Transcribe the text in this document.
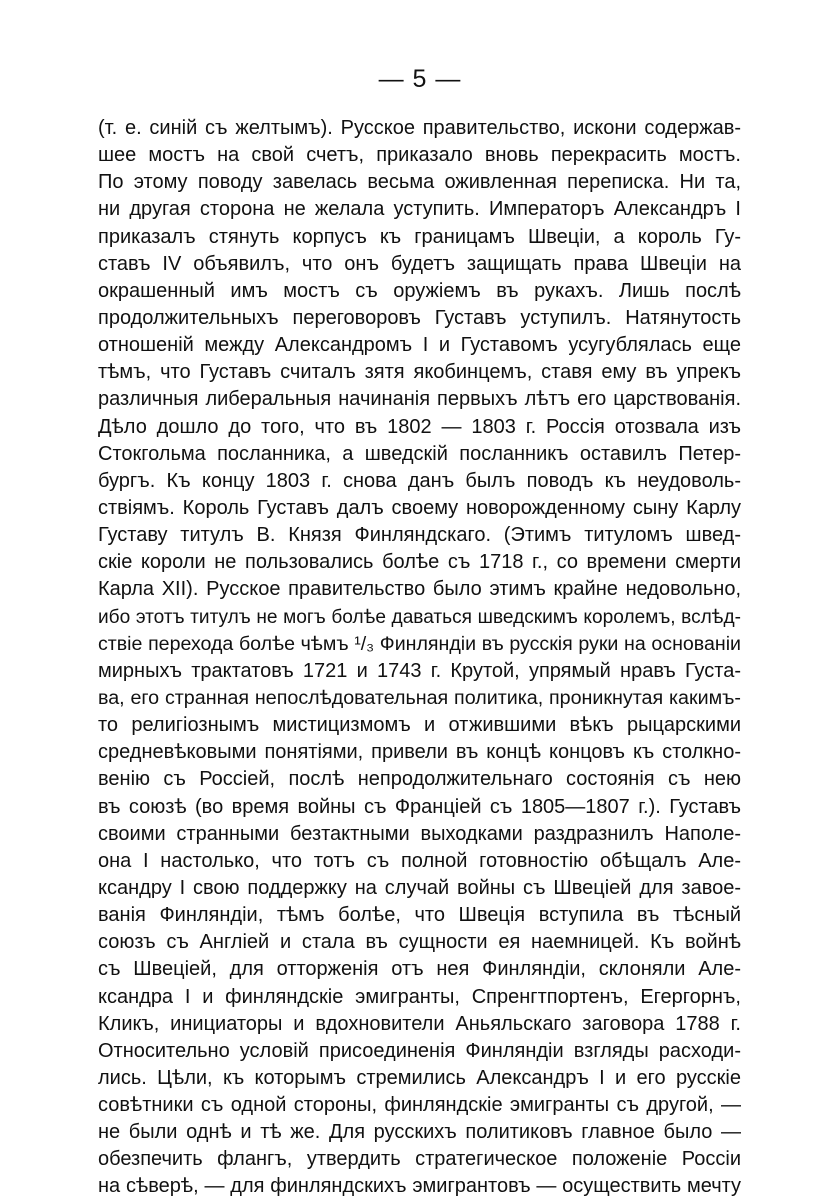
— 5 —
(т. е. синій съ желтымъ). Русское правительство, искони содержав-
шее мостъ на свой счетъ, приказало вновь перекрасить мостъ.
По этому поводу завелась весьма оживленная переписка. Ни та,
ни другая сторона не желала уступить. Императоръ Александръ I
приказалъ стянуть корпусъ къ границамъ Швеціи, а король Гу-
ставъ IV объявилъ, что онъ будетъ защищать права Швеціи на
окрашенный имъ мостъ съ оружіемъ въ рукахъ. Лишь послѣ
продолжительныхъ переговоровъ Густавъ уступилъ. Натянутость
отношеній между Александромъ I и Густавомъ усугублялась еще
тѣмъ, что Густавъ считалъ зятя якобинцемъ, ставя ему въ упрекъ
различныя либеральныя начинанія первыхъ лѣтъ его царствованія.
Дѣло дошло до того, что въ 1802 — 1803 г. Россія отозвала изъ
Стокгольма посланника, а шведскій посланникъ оставилъ Петер-
бургъ. Къ концу 1803 г. снова данъ былъ поводъ къ неудоволь-
ствіямъ. Король Густавъ далъ своему новорожденному сыну Карлу
Густаву титулъ В. Князя Финляндскаго. (Этимъ титуломъ швед-
скіе короли не пользовались болѣе съ 1718 г., со времени смерти
Карла XII). Русское правительство было этимъ крайне недовольно,
ибо этотъ титулъ не могъ болѣе даваться шведскимъ королемъ, вслѣд-
ствіе перехода болѣе чѣмъ ¹/₃ Финляндіи въ русскія руки на основаніи
мирныхъ трактатовъ 1721 и 1743 г. Крутой, упрямый нравъ Густа-
ва, его странная непослѣдовательная политика, проникнутая какимъ-
то религіознымъ мистицизмомъ и отжившими вѣкъ рыцарскими
средневѣковыми понятіями, привели въ концѣ концовъ къ столкно-
венію съ Россіей, послѣ непродолжительнаго состоянія съ нею
въ союзѣ (во время войны съ Франціей съ 1805—1807 г.). Густавъ
своими странными безтактными выходками раздразнилъ Наполе-
она I настолько, что тотъ съ полной готовностію обѣщалъ Але-
ксандру I свою поддержку на случай войны съ Швеціей для завое-
ванія Финляндіи, тѣмъ болѣе, что Швеція вступила въ тѣсный
союзъ съ Англіей и стала въ сущности ея наемницей. Къ войнѣ
съ Швеціей, для отторженія отъ нея Финляндіи, склоняли Але-
ксандра I и финляндскіе эмигранты, Спренгтпортенъ, Егергорнъ,
Кликъ, инициаторы и вдохновители Аньяльскаго заговора 1788 г.
Относительно условій присоединенія Финляндіи взгляды расходи-
лись. Цѣли, къ которымъ стремились Александръ I и его русскіе
совѣтники съ одной стороны, финляндскіе эмигранты съ другой, —
не были однѣ и тѣ же. Для русскихъ политиковъ главное было —
обезпечить флангъ, утвердить стратегическое положеніе Россіи
на сѣверѣ, — для финляндскихъ эмигрантовъ — осуществить мечту
